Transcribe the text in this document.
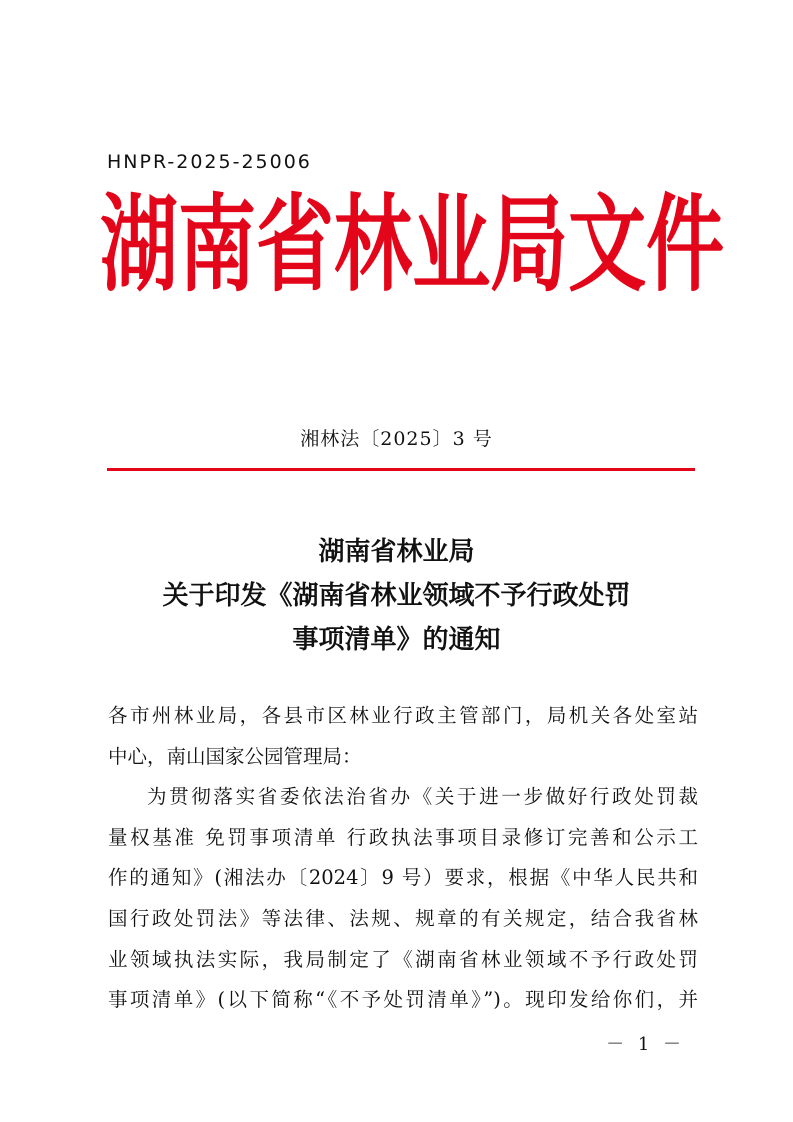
HNPR-2025-25006
湖 南 省 林 业 局 文 件
湘林法〔2025〕3 号
湖南省林业局
关于印发《湖南省林业领域不予行政处罚
事项清单》的通知
各市州林业局，各县市区林业行政主管部门，局机关各处室站
中心，南山国家公园管理局：
为贯彻落实省委依法治省办《关于进一步做好行政处罚裁
量权基准 免罚事项清单 行政执法事项目录修订完善和公示工
作的通知》(湘法办〔2024〕9 号）要求，根据《中华人民共和
国行政处罚法》等法律、法规、规章的有关规定，结合我省林
业领域执法实际，我局制定了《湖南省林业领域不予行政处罚
事项清单》(以下简称“《不予处罚清单》”)。现印发给你们，并
－ 1 －
